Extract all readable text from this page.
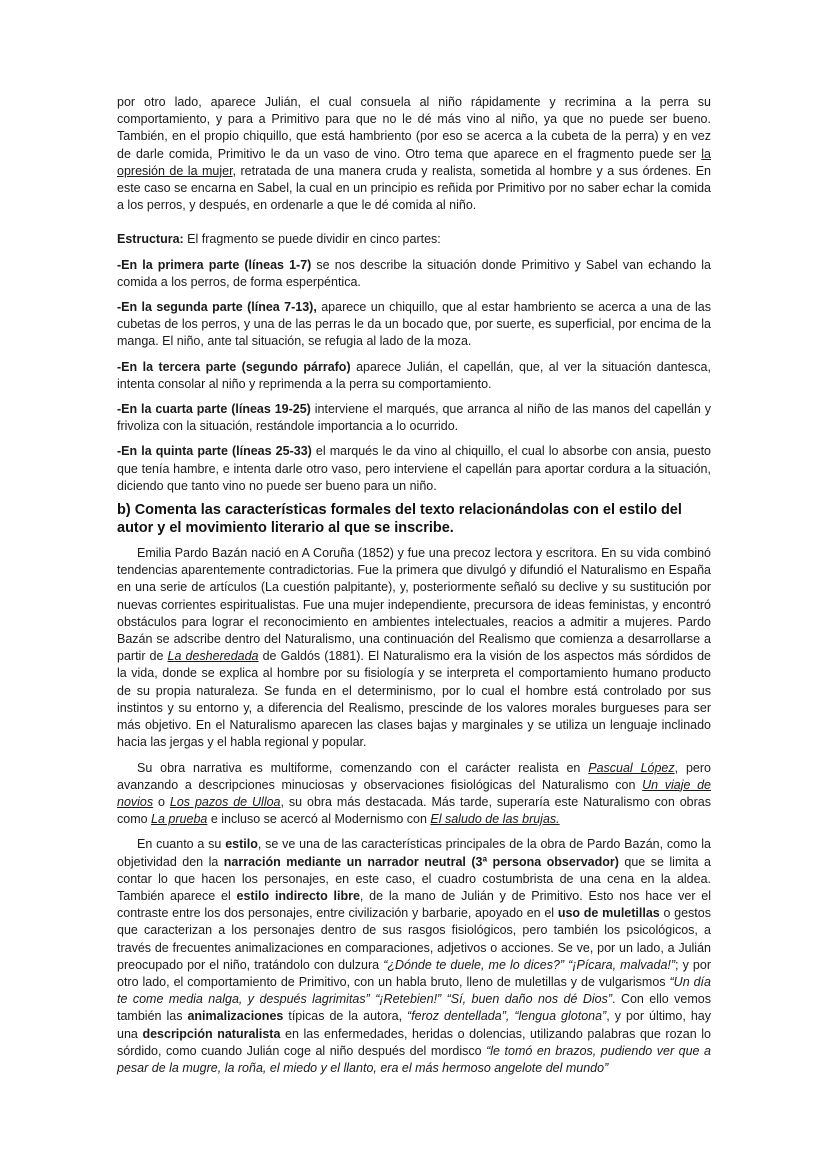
por otro lado, aparece Julián, el cual consuela al niño rápidamente y recrimina a la perra su comportamiento, y para a Primitivo para que no le dé más vino al niño, ya que no puede ser bueno. También, en el propio chiquillo, que está hambriento (por eso se acerca a la cubeta de la perra) y en vez de darle comida, Primitivo le da un vaso de vino. Otro tema que aparece en el fragmento puede ser la opresión de la mujer, retratada de una manera cruda y realista, sometida al hombre y a sus órdenes. En este caso se encarna en Sabel, la cual en un principio es reñida por Primitivo por no saber echar la comida a los perros, y después, en ordenarle a que le dé comida al niño.

Estructura: El fragmento se puede dividir en cinco partes:

-En la primera parte (líneas 1-7) se nos describe la situación donde Primitivo y Sabel van echando la comida a los perros, de forma esperpéntica.

-En la segunda parte (línea 7-13), aparece un chiquillo, que al estar hambriento se acerca a una de las cubetas de los perros, y una de las perras le da un bocado que, por suerte, es superficial, por encima de la manga. El niño, ante tal situación, se refugia al lado de la moza.

-En la tercera parte (segundo párrafo) aparece Julián, el capellán, que, al ver la situación dantesca, intenta consolar al niño y reprimenda a la perra su comportamiento.

-En la cuarta parte (líneas 19-25) interviene el marqués, que arranca al niño de las manos del capellán y frivoliza con la situación, restándole importancia a lo ocurrido.

-En la quinta parte (líneas 25-33) el marqués le da vino al chiquillo, el cual lo absorbe con ansia, puesto que tenía hambre, e intenta darle otro vaso, pero interviene el capellán para aportar cordura a la situación, diciendo que tanto vino no puede ser bueno para un niño.

b) Comenta las características formales del texto relacionándolas con el estilo del autor y el movimiento literario al que se inscribe.

Emilia Pardo Bazán nació en A Coruña (1852) y fue una precoz lectora y escritora. En su vida combinó tendencias aparentemente contradictorias. Fue la primera que divulgó y difundió el Naturalismo en España en una serie de artículos (La cuestión palpitante), y, posteriormente señaló su declive y su sustitución por nuevas corrientes espiritualistas. Fue una mujer independiente, precursora de ideas feministas, y encontró obstáculos para lograr el reconocimiento en ambientes intelectuales, reacios a admitir a mujeres. Pardo Bazán se adscribe dentro del Naturalismo, una continuación del Realismo que comienza a desarrollarse a partir de La desheredada de Galdós (1881). El Naturalismo era la visión de los aspectos más sórdidos de la vida, donde se explica al hombre por su fisiología y se interpreta el comportamiento humano producto de su propia naturaleza. Se funda en el determinismo, por lo cual el hombre está controlado por sus instintos y su entorno y, a diferencia del Realismo, prescinde de los valores morales burgueses para ser más objetivo. En el Naturalismo aparecen las clases bajas y marginales y se utiliza un lenguaje inclinado hacia las jergas y el habla regional y popular.

Su obra narrativa es multiforme, comenzando con el carácter realista en Pascual López, pero avanzando a descripciones minuciosas y observaciones fisiológicas del Naturalismo con Un viaje de novios o Los pazos de Ulloa, su obra más destacada. Más tarde, superaría este Naturalismo con obras como La prueba e incluso se acercó al Modernismo con El saludo de las brujas.

En cuanto a su estilo, se ve una de las características principales de la obra de Pardo Bazán, como la objetividad den la narración mediante un narrador neutral (3ª persona observador) que se limita a contar lo que hacen los personajes, en este caso, el cuadro costumbrista de una cena en la aldea. También aparece el estilo indirecto libre, de la mano de Julián y de Primitivo. Esto nos hace ver el contraste entre los dos personajes, entre civilización y barbarie, apoyado en el uso de muletillas o gestos que caracterizan a los personajes dentro de sus rasgos fisiológicos, pero también los psicológicos, a través de frecuentes animalizaciones en comparaciones, adjetivos o acciones. Se ve, por un lado, a Julián preocupado por el niño, tratándolo con dulzura “¿Dónde te duele, me lo dices?” “¡Pícara, malvada!”; y por otro lado, el comportamiento de Primitivo, con un habla bruto, lleno de muletillas y de vulgarismos “Un día te come media nalga, y después lagrimitas” “¡Retebien!” “Sí, buen daño nos dé Dios”. Con ello vemos también las animalizaciones típicas de la autora, “feroz dentellada”, “lengua glotona”, y por último, hay una descripción naturalista en las enfermedades, heridas o dolencias, utilizando palabras que rozan lo sórdido, como cuando Julián coge al niño después del mordisco “le tomó en brazos, pudiendo ver que a pesar de la mugre, la roña, el miedo y el llanto, era el más hermoso angelote del mundo”
